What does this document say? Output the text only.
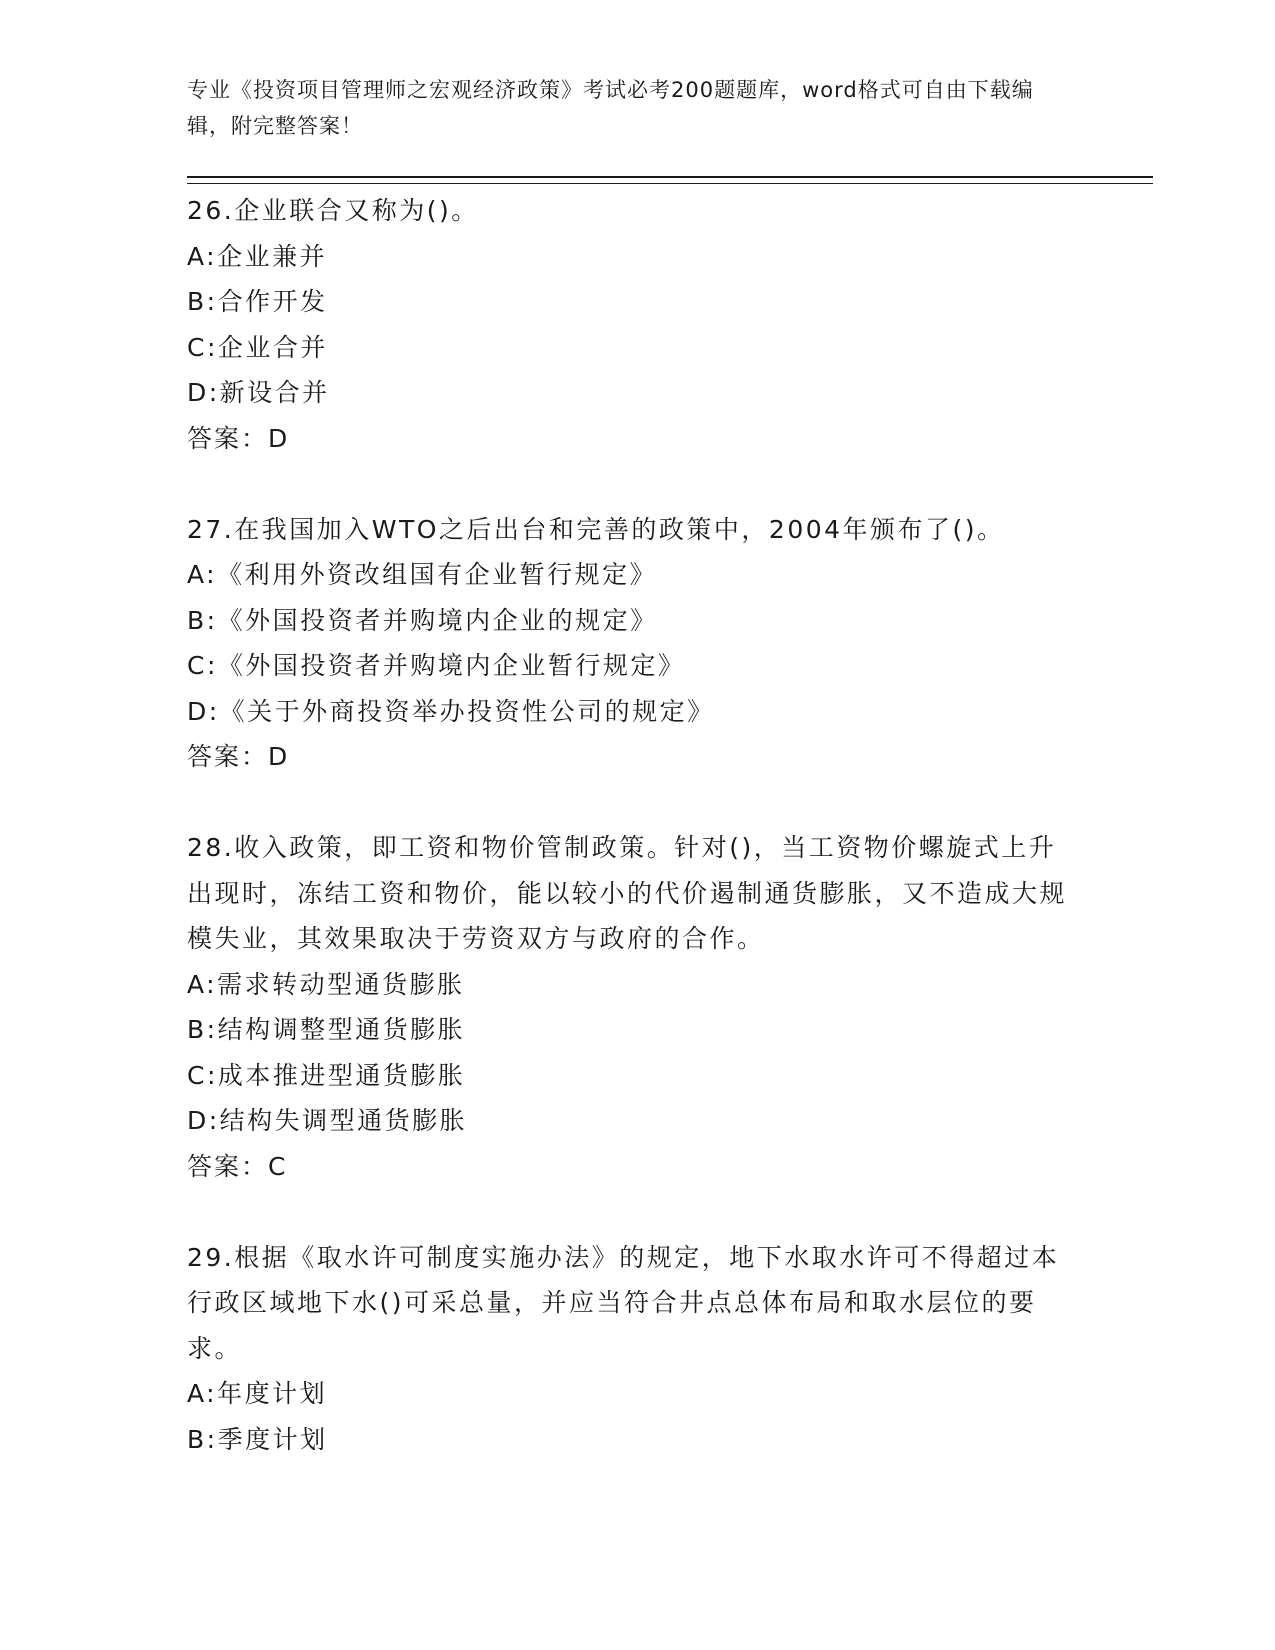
专业《投资项目管理师之宏观经济政策》考试必考200题题库，word格式可自由下载编辑，附完整答案！
26.企业联合又称为()。
A:企业兼并
B:合作开发
C:企业合并
D:新设合并
答案：D
27.在我国加入WTO之后出台和完善的政策中，2004年颁布了()。
A:《利用外资改组国有企业暂行规定》
B:《外国投资者并购境内企业的规定》
C:《外国投资者并购境内企业暂行规定》
D:《关于外商投资举办投资性公司的规定》
答案：D
28.收入政策，即工资和物价管制政策。针对()，当工资物价螺旋式上升出现时，冻结工资和物价，能以较小的代价遏制通货膨胀，又不造成大规模失业，其效果取决于劳资双方与政府的合作。
A:需求转动型通货膨胀
B:结构调整型通货膨胀
C:成本推进型通货膨胀
D:结构失调型通货膨胀
答案：C
29.根据《取水许可制度实施办法》的规定，地下水取水许可不得超过本行政区域地下水()可采总量，并应当符合井点总体布局和取水层位的要求。
A:年度计划
B:季度计划
